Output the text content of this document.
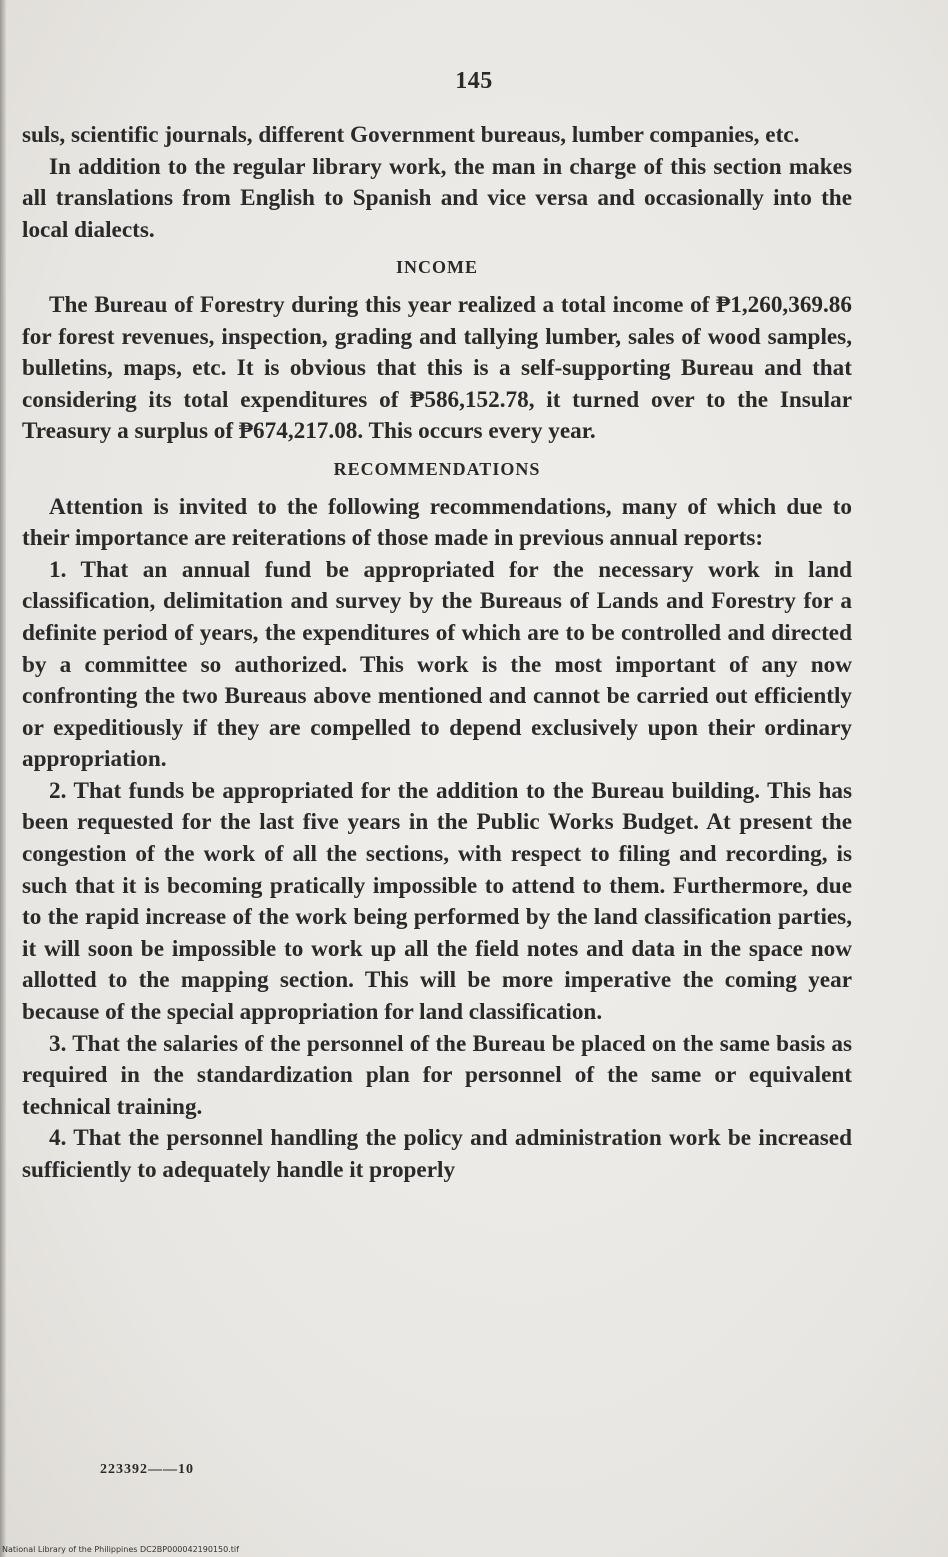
145

suls, scientific journals, different Government bureaus, lumber companies, etc.

In addition to the regular library work, the man in charge of this section makes all translations from English to Spanish and vice versa and occasionally into the local dialects.

INCOME

The Bureau of Forestry during this year realized a total income of ₱1,260,369.86 for forest revenues, inspection, grading and tallying lumber, sales of wood samples, bulletins, maps, etc. It is obvious that this is a self-supporting Bureau and that considering its total expenditures of ₱586,152.78, it turned over to the Insular Treasury a surplus of ₱674,217.08. This occurs every year.

RECOMMENDATIONS

Attention is invited to the following recommendations, many of which due to their importance are reiterations of those made in previous annual reports:

1. That an annual fund be appropriated for the necessary work in land classification, delimitation and survey by the Bureaus of Lands and Forestry for a definite period of years, the expenditures of which are to be controlled and directed by a committee so authorized. This work is the most important of any now confronting the two Bureaus above mentioned and cannot be carried out efficiently or expeditiously if they are compelled to depend exclusively upon their ordinary appropriation.

2. That funds be appropriated for the addition to the Bureau building. This has been requested for the last five years in the Public Works Budget. At present the congestion of the work of all the sections, with respect to filing and recording, is such that it is becoming pratically impossible to attend to them. Furthermore, due to the rapid increase of the work being performed by the land classification parties, it will soon be impossible to work up all the field notes and data in the space now allotted to the mapping section. This will be more imperative the coming year because of the special appropriation for land classification.

3. That the salaries of the personnel of the Bureau be placed on the same basis as required in the standardization plan for personnel of the same or equivalent technical training.

4. That the personnel handling the policy and administration work be increased sufficiently to adequately handle it properly

223392——10
National Library of the Philippines DC2BP000042190150.tif
